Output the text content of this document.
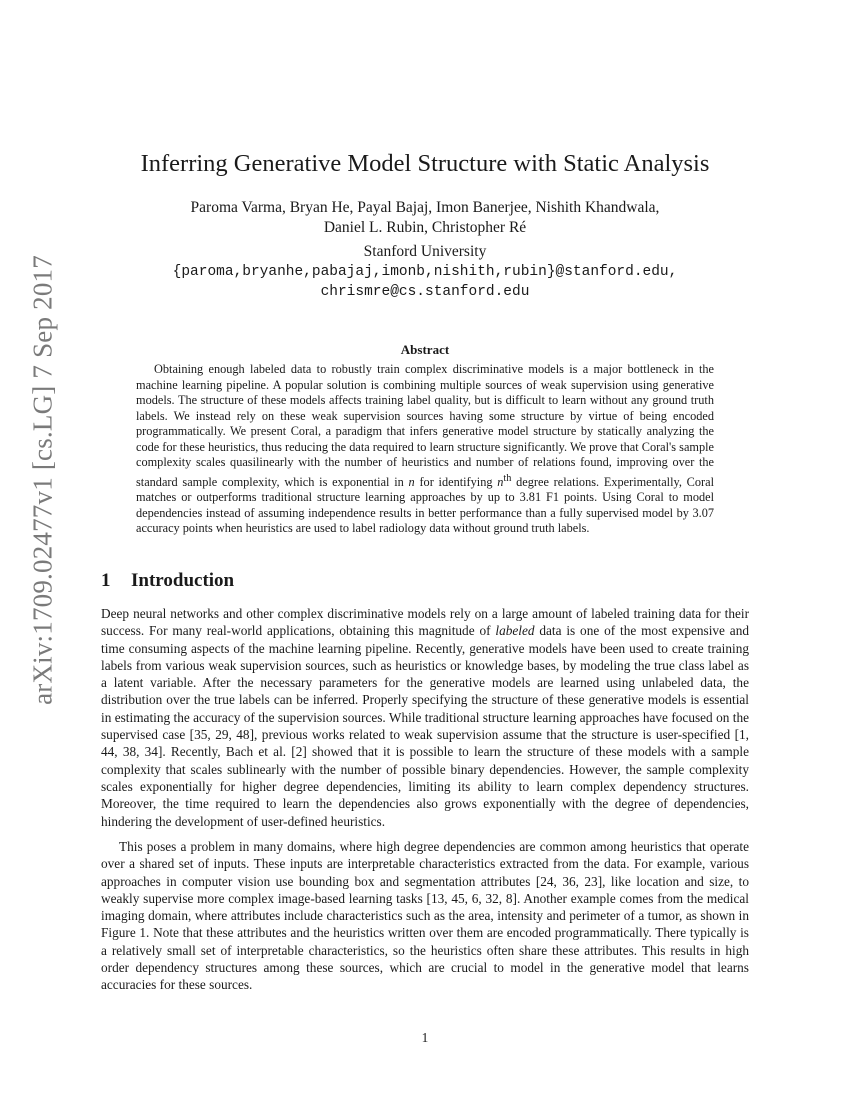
arXiv:1709.02477v1 [cs.LG] 7 Sep 2017
Inferring Generative Model Structure with Static Analysis
Paroma Varma, Bryan He, Payal Bajaj, Imon Banerjee, Nishith Khandwala,
Daniel L. Rubin, Christopher Ré
Stanford University
{paroma,bryanhe,pabajaj,imonb,nishith,rubin}@stanford.edu,
chrismre@cs.stanford.edu
Abstract

Obtaining enough labeled data to robustly train complex discriminative models is a major bottleneck in the machine learning pipeline. A popular solution is combining multiple sources of weak supervision using generative models. The structure of these models affects training label quality, but is difficult to learn without any ground truth labels. We instead rely on these weak supervision sources having some structure by virtue of being encoded programmatically. We present Coral, a paradigm that infers generative model structure by statically analyzing the code for these heuristics, thus reducing the data required to learn structure significantly. We prove that Coral's sample complexity scales quasilinearly with the number of heuristics and number of relations found, improving over the standard sample complexity, which is exponential in n for identifying $n^{th}$ degree relations. Experimentally, Coral matches or outperforms traditional structure learning approaches by up to 3.81 F1 points. Using Coral to model dependencies instead of assuming independence results in better performance than a fully supervised model by 3.07 accuracy points when heuristics are used to label radiology data without ground truth labels.

1 Introduction

Deep neural networks and other complex discriminative models rely on a large amount of labeled training data for their success. For many real-world applications, obtaining this magnitude of labeled data is one of the most expensive and time consuming aspects of the machine learning pipeline. Recently, generative models have been used to create training labels from various weak supervision sources, such as heuristics or knowledge bases, by modeling the true class label as a latent variable. After the necessary parameters for the generative models are learned using unlabeled data, the distribution over the true labels can be inferred. Properly specifying the structure of these generative models is essential in estimating the accuracy of the supervision sources. While traditional structure learning approaches have focused on the supervised case [35, 29, 48], previous works related to weak supervision assume that the structure is user-specified [1, 44, 38, 34]. Recently, Bach et al. [2] showed that it is possible to learn the structure of these models with a sample complexity that scales sublinearly with the number of possible binary dependencies. However, the sample complexity scales exponentially for higher degree dependencies, limiting its ability to learn complex dependency structures. Moreover, the time required to learn the dependencies also grows exponentially with the degree of dependencies, hindering the development of user-defined heuristics.

This poses a problem in many domains, where high degree dependencies are common among heuristics that operate over a shared set of inputs. These inputs are interpretable characteristics extracted from the data. For example, various approaches in computer vision use bounding box and segmentation attributes [24, 36, 23], like location and size, to weakly supervise more complex image-based learning tasks [13, 45, 6, 32, 8]. Another example comes from the medical imaging domain, where attributes include characteristics such as the area, intensity and perimeter of a tumor, as shown in Figure 1. Note that these attributes and the heuristics written over them are encoded programmatically. There typically is a relatively small set of interpretable characteristics, so the heuristics often share these attributes. This results in high order dependency structures among these sources, which are crucial to model in the generative model that learns accuracies for these sources.

1
